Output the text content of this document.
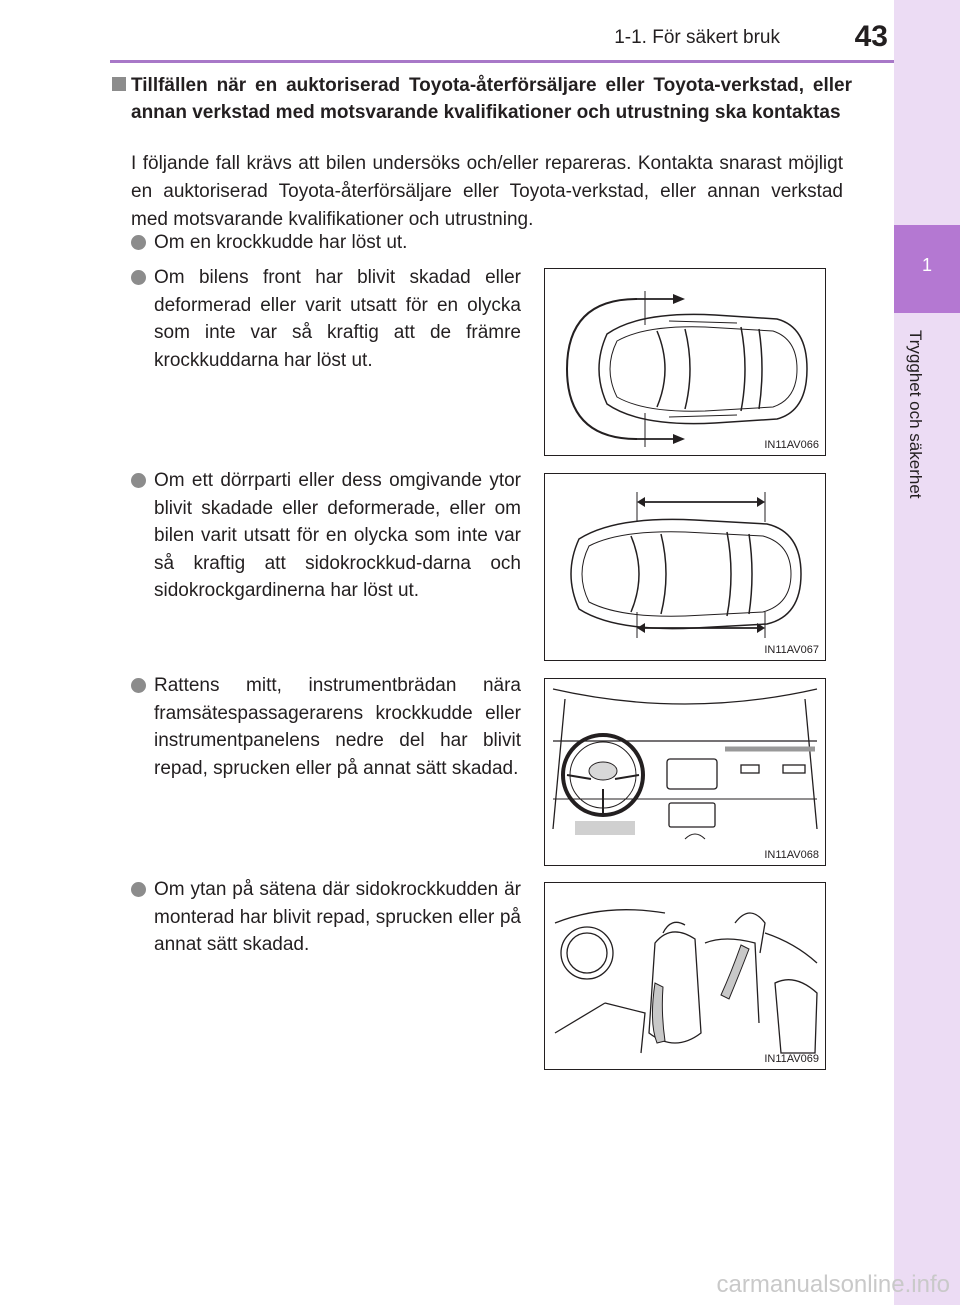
1-1. För säkert bruk	43
1
Trygghet och säkerhet
Tillfällen när en auktoriserad Toyota-återförsäljare eller Toyota-verkstad, eller annan verkstad med motsvarande kvalifikationer och utrustning ska kontaktas
I följande fall krävs att bilen undersöks och/eller repareras. Kontakta snarast möjligt en auktoriserad Toyota-återförsäljare eller Toyota-verkstad, eller annan verkstad med motsvarande kvalifikationer och utrustning.
Om en krockkudde har löst ut.
Om bilens front har blivit skadad eller deformerad eller varit utsatt för en olycka som inte var så kraftig att de främre krockkuddarna har löst ut.
Om ett dörrparti eller dess omgivande ytor blivit skadade eller deformerade, eller om bilen varit utsatt för en olycka som inte var så kraftig att sidokrockkud-darna och sidokrockgardinerna har löst ut.
Rattens mitt, instrumentbrädan nära framsätespassagerarens krockkudde eller instrumentpanelens nedre del har blivit repad, sprucken eller på annat sätt skadad.
Om ytan på sätena där sidokrockkudden är monterad har blivit repad, sprucken eller på annat sätt skadad.
IN11AV066
IN11AV067
IN11AV068
IN11AV069
carmanualsonline.info
